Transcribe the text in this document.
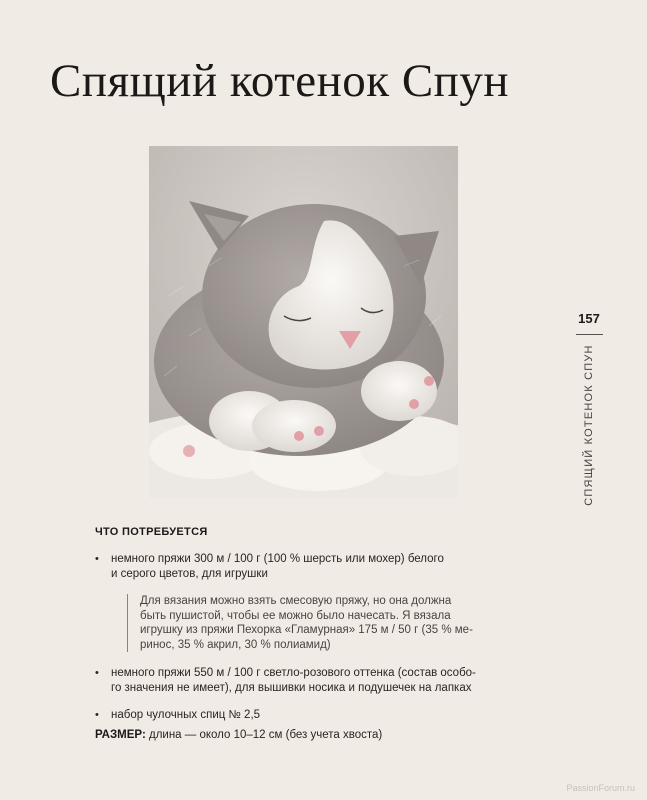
Спящий котенок Спун
157
СПЯЩИЙ КОТЕНОК СПУН
ЧТО ПОТРЕБУЕТСЯ
• немного пряжи 300 м / 100 г (100 % шерсть или мохер) белого
и серого цветов, для игрушки
Для вязания можно взять смесовую пряжу, но она должна
быть пушистой, чтобы ее можно было начесать. Я вязала
игрушку из пряжи Пехорка «Гламурная» 175 м / 50 г (35 % ме-
ринос, 35 % акрил, 30 % полиамид)
• немного пряжи 550 м / 100 г светло-розового оттенка (состав особо-
го значения не имеет), для вышивки носика и подушечек на лапках
• набор чулочных спиц № 2,5
РАЗМЕР: длина — около 10–12 см (без учета хвоста)
PassionForum.ru
